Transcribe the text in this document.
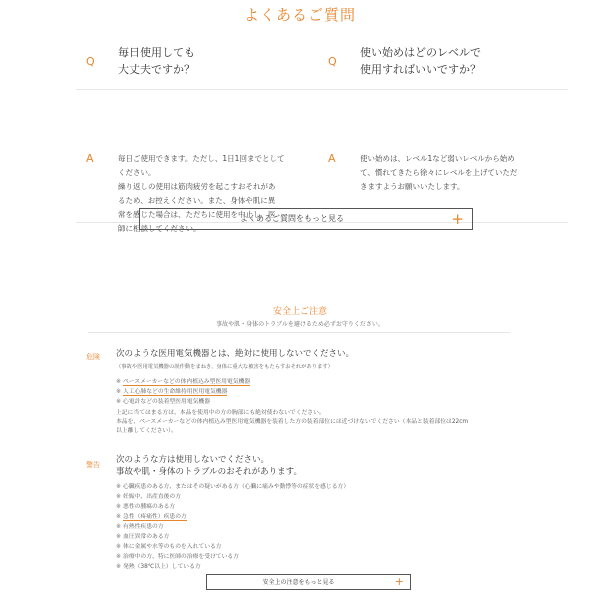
よくあるご質問
Q
毎日使用しても
大丈夫ですか？
A	毎日ご使用できます。ただし、1日1回までとして
ください。
繰り返しの使用は筋肉疲労を起こすおそれがあ
るため、お控えください。また、身体や肌に異
常を感じた場合は、ただちに使用を中止し、医
師に相談してください。
Q
使い始めはどのレベルで
使用すればいいですか？
A	使い始めは、レベル1など弱いレベルから始め
て、慣れてきたら徐々にレベルを上げていただ
きますようお願いいたします。
よくあるご質問をもっと見る	+
安全上ご注意
事故や肌・身体のトラブルを避けるため必ずお守りください。
危険 次のような医用電気機器とは、絶対に使用しないでください。
（事故や医用電気機器の誤作動をまねき、身体に重大な被害をもたらすおそれがあります）
※ ペースメーカーなどの体内植込み型医用電気機器
※ 人工心肺などの生命維持用医用電気機器
※ 心電計などの装着型医用電気機器
上記に当てはまる方は、本品を使用中の方の胸部にも絶対使わないでください。
本品を、ペースメーカーなどの体内植込み型医用電気機器を装着した方の装着部位には近づけないでください（本品と装着部位は22cm
以上離してください）。
警告 次のような方は使用しないでください。
事故や肌・身体のトラブルのおそれがあります。
※ 心臓疾患のある方、またはその疑いがある方（心臓に痛みや動悸等の症状を感じる方）
※ 妊娠中、出産直後の方
※ 悪性の腫瘍のある方
※ 急性（疼痛性）疾患の方
※ 有熱性疾患の方
※ 血圧異常のある方
※ 体に金属や水等のものを入れている方
※ 治療中の方、特に医師の治療を受けている方
※ 発熱（38℃以上）している方
安全上の注意をもっと見る	+
